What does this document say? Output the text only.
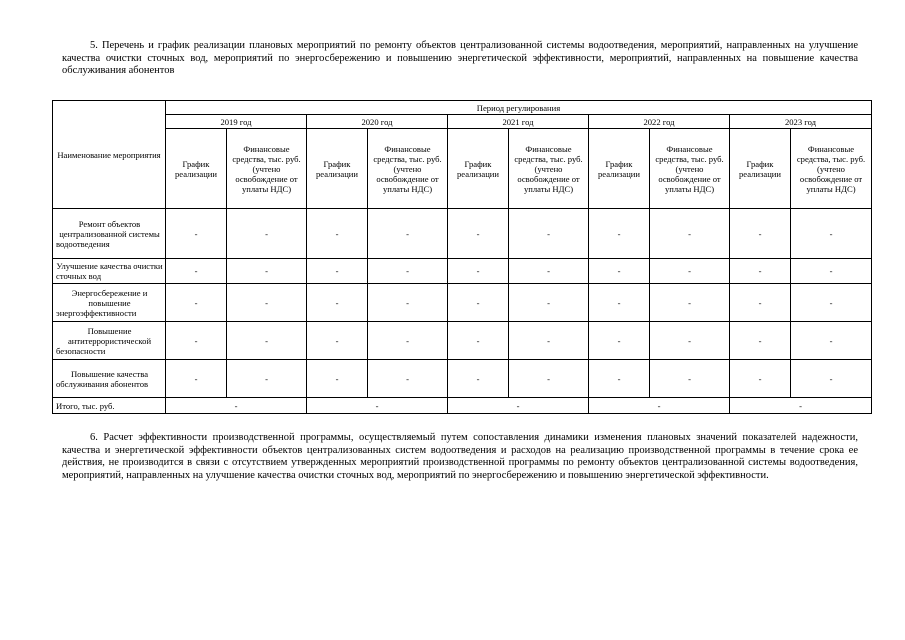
5. Перечень и график реализации плановых мероприятий по ремонту объектов централизованной системы водоотведения, мероприятий, направленных на улучшение качества очистки сточных вод, мероприятий по энергосбережению и повышению энергетической эффективности, мероприятий, направленных на повышение качества обслуживания абонентов

Наименование мероприятия	Период регулирования									
	2019 год		2020 год		2021 год		2022 год		2023 год	
	График реализации	Финансовые средства, тыс. руб. (учтено освобождение от уплаты НДС)	График реализации	Финансовые средства, тыс. руб. (учтено освобождение от уплаты НДС)	График реализации	Финансовые средства, тыс. руб. (учтено освобождение от уплаты НДС)	График реализации	Финансовые средства, тыс. руб. (учтено освобождение от уплаты НДС)	График реализации	Финансовые средства, тыс. руб. (учтено освобождение от уплаты НДС)
Ремонт объектов централизованной системы водоотведения	-	-	-	-	-	-	-	-	-	-
Улучшение качества очистки сточных вод	-	-	-	-	-	-	-	-	-	-
Энергосбережение и повышение энергоэффективности	-	-	-	-	-	-	-	-	-	-
Повышение антитеррористической безопасности	-	-	-	-	-	-	-	-	-	-
Повышение качества обслуживания абонентов	-	-	-	-	-	-	-	-	-	-
Итого, тыс. руб.	-		-		-		-		-	

6. Расчет эффективности производственной программы, осуществляемый путем сопоставления динамики изменения плановых значений показателей надежности, качества и энергетической эффективности объектов централизованных систем водоотведения и расходов на реализацию производственной программы в течение срока ее действия, не производится в связи с отсутствием утвержденных мероприятий производственной программы по ремонту объектов централизованной системы водоотведения, мероприятий, направленных на улучшение качества очистки сточных вод, мероприятий по энергосбережению и повышению энергетической эффективности.
